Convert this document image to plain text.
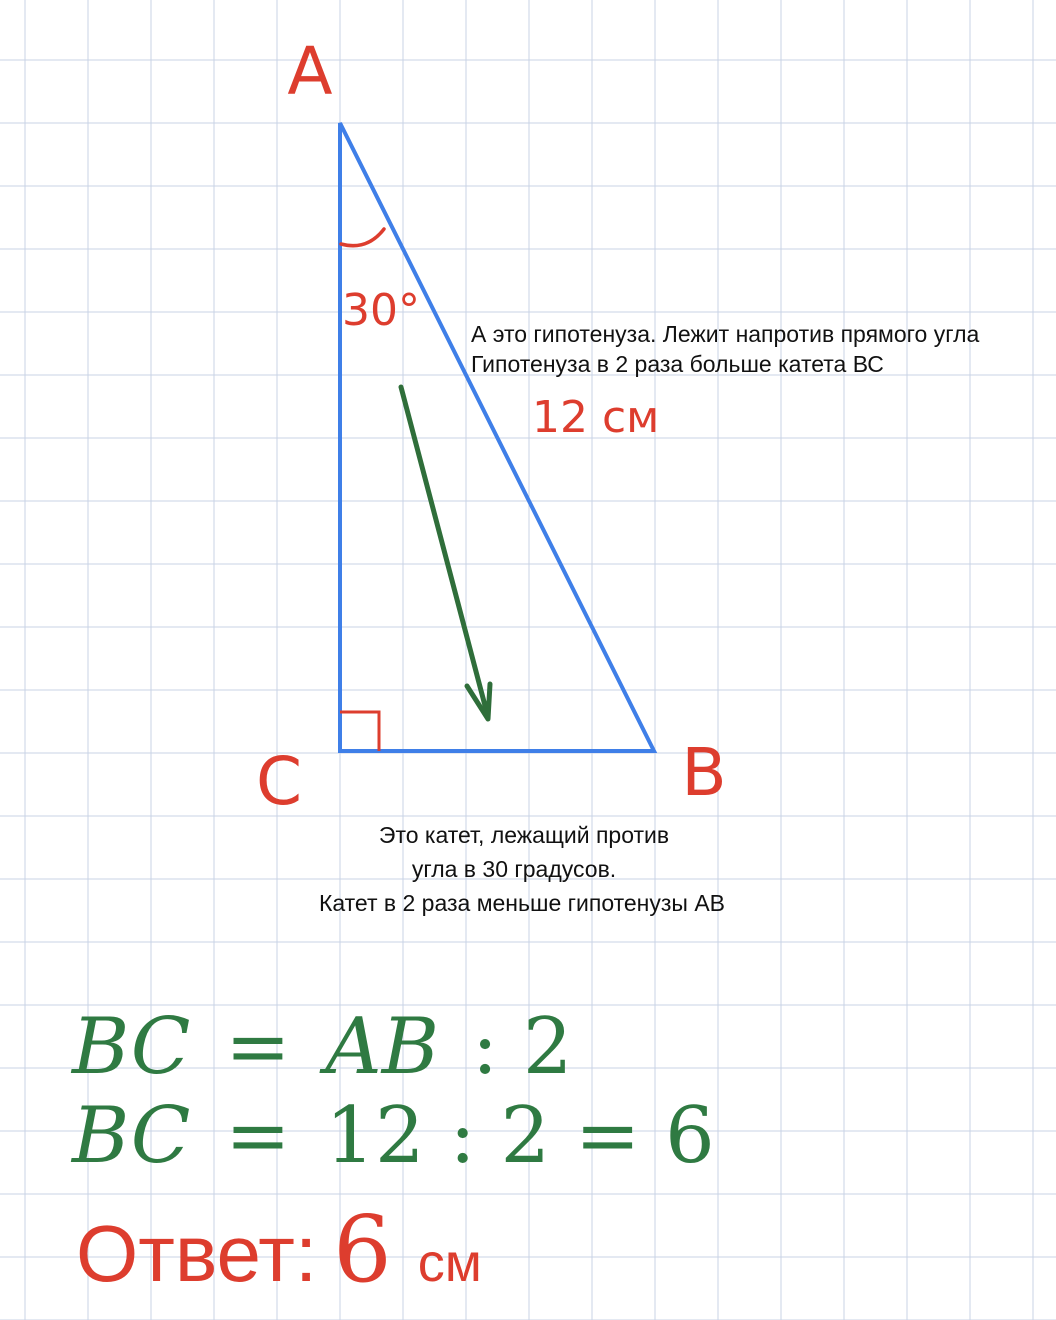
A
C	B
30°
12 см
А это гипотенуза. Лежит напротив прямого угла
Гипотенуза в 2 раза больше катета ВС
Это катет, лежащий против
угла в 30 градусов.
Катет в 2 раза меньше гипотенузы АВ
BC = AB : 2
BC = 12 : 2 = 6
Ответ: 6 см
